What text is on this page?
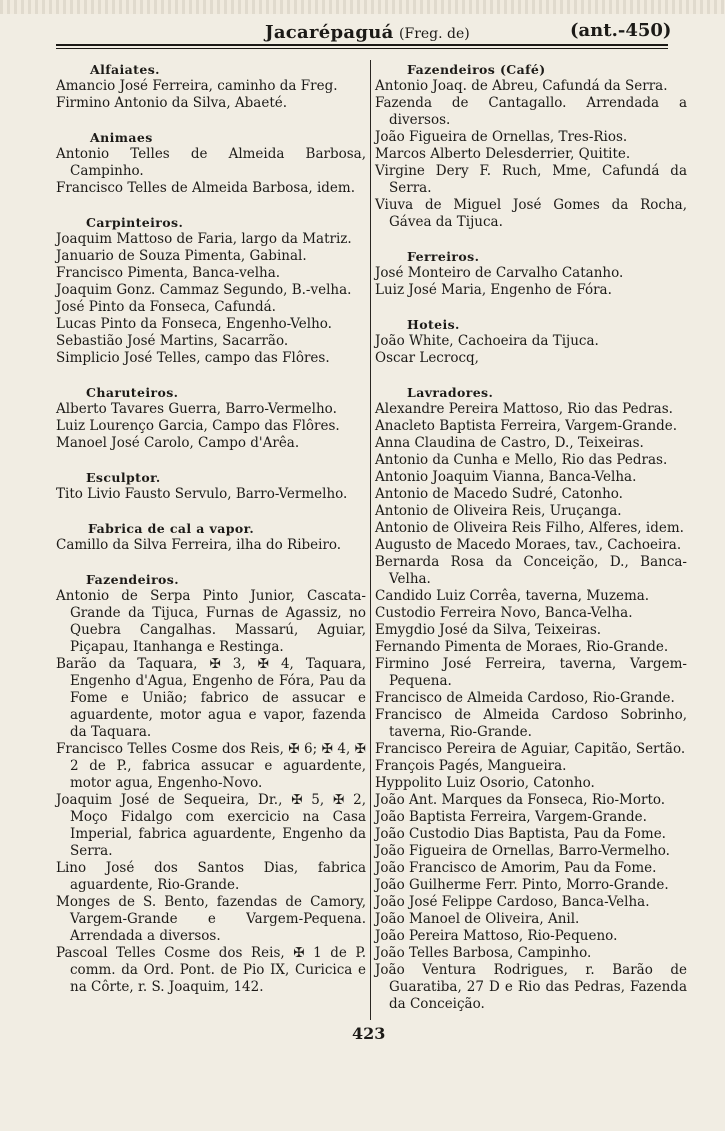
Jacarépaguá (Freg. de)	(ant.-450)
Alfaiates.
Amancio José Ferreira, caminho da Freg.
Firmino Antonio da Silva, Abaeté.
Animaes
Antonio Telles de Almeida Barbosa, Campinho.
Francisco Telles de Almeida Barbosa, idem.
Carpinteiros.
Joaquim Mattoso de Faria, largo da Matriz.
Januario de Souza Pimenta, Gabinal.
Francisco Pimenta, Banca-velha.
Joaquim Gonz. Cammaz Segundo, B.-velha.
José Pinto da Fonseca, Cafundá.
Lucas Pinto da Fonseca, Engenho-Velho.
Sebastião José Martins, Sacarrão.
Simplicio José Telles, campo das Flôres.
Charuteiros.
Alberto Tavares Guerra, Barro-Vermelho.
Luiz Lourenço Garcia, Campo das Flôres.
Manoel José Carolo, Campo d'Arêa.
Esculptor.
Tito Livio Fausto Servulo, Barro-Vermelho.
Fabrica de cal a vapor.
Camillo da Silva Ferreira, ilha do Ribeiro.
Fazendeiros.
Antonio de Serpa Pinto Junior, Cascata-Grande da Tijuca, Furnas de Agassiz, no Quebra Cangalhas. Massarú, Aguiar, Piçapau, Itanhanga e Restinga.
Barão da Taquara, ✠ 3, ✠ 4, Taquara, Engenho d'Agua, Engenho de Fóra, Pau da Fome e União; fabrico de assucar e aguardente, motor agua e vapor, fazenda da Taquara.
Francisco Telles Cosme dos Reis, ✠ 6; ✠ 4, ✠ 2 de P., fabrica assucar e aguardente, motor agua, Engenho-Novo.
Joaquim José de Sequeira, Dr., ✠ 5, ✠ 2, Moço Fidalgo com exercicio na Casa Imperial, fabrica aguardente, Engenho da Serra.
Lino José dos Santos Dias, fabrica aguardente, Rio-Grande.
Monges de S. Bento, fazendas de Camory, Vargem-Grande e Vargem-Pequena. Arrendada a diversos.
Pascoal Telles Cosme dos Reis, ✠ 1 de P. comm. da Ord. Pont. de Pio IX, Curicica e na Côrte, r. S. Joaquim, 142.
Fazendeiros (Café)
Antonio Joaq. de Abreu, Cafundá da Serra.
Fazenda de Cantagallo. Arrendada a diversos.
João Figueira de Ornellas, Tres-Rios.
Marcos Alberto Delesderrier, Quitite.
Virgine Dery F. Ruch, Mme, Cafundá da Serra.
Viuva de Miguel José Gomes da Rocha, Gávea da Tijuca.
Ferreiros.
José Monteiro de Carvalho Catanho.
Luiz José Maria, Engenho de Fóra.
Hoteis.
João White, Cachoeira da Tijuca.
Oscar Lecrocq,
Lavradores.
Alexandre Pereira Mattoso, Rio das Pedras.
Anacleto Baptista Ferreira, Vargem-Grande.
Anna Claudina de Castro, D., Teixeiras.
Antonio da Cunha e Mello, Rio das Pedras.
Antonio Joaquim Vianna, Banca-Velha.
Antonio de Macedo Sudré, Catonho.
Antonio de Oliveira Reis, Uruçanga.
Antonio de Oliveira Reis Filho, Alferes, idem.
Augusto de Macedo Moraes, tav., Cachoeira.
Bernarda Rosa da Conceição, D., Banca-Velha.
Candido Luiz Corrêa, taverna, Muzema.
Custodio Ferreira Novo, Banca-Velha.
Emygdio José da Silva, Teixeiras.
Fernando Pimenta de Moraes, Rio-Grande.
Firmino José Ferreira, taverna, Vargem-Pequena.
Francisco de Almeida Cardoso, Rio-Grande.
Francisco de Almeida Cardoso Sobrinho, taverna, Rio-Grande.
Francisco Pereira de Aguiar, Capitão, Sertão.
François Pagés, Mangueira.
Hyppolito Luiz Osorio, Catonho.
João Ant. Marques da Fonseca, Rio-Morto.
João Baptista Ferreira, Vargem-Grande.
João Custodio Dias Baptista, Pau da Fome.
João Figueira de Ornellas, Barro-Vermelho.
João Francisco de Amorim, Pau da Fome.
João Guilherme Ferr. Pinto, Morro-Grande.
João José Felippe Cardoso, Banca-Velha.
João Manoel de Oliveira, Anil.
João Pereira Mattoso, Rio-Pequeno.
João Telles Barbosa, Campinho.
João Ventura Rodrigues, r. Barão de Guaratiba, 27 D e Rio das Pedras, Fazenda da Conceição.
423
